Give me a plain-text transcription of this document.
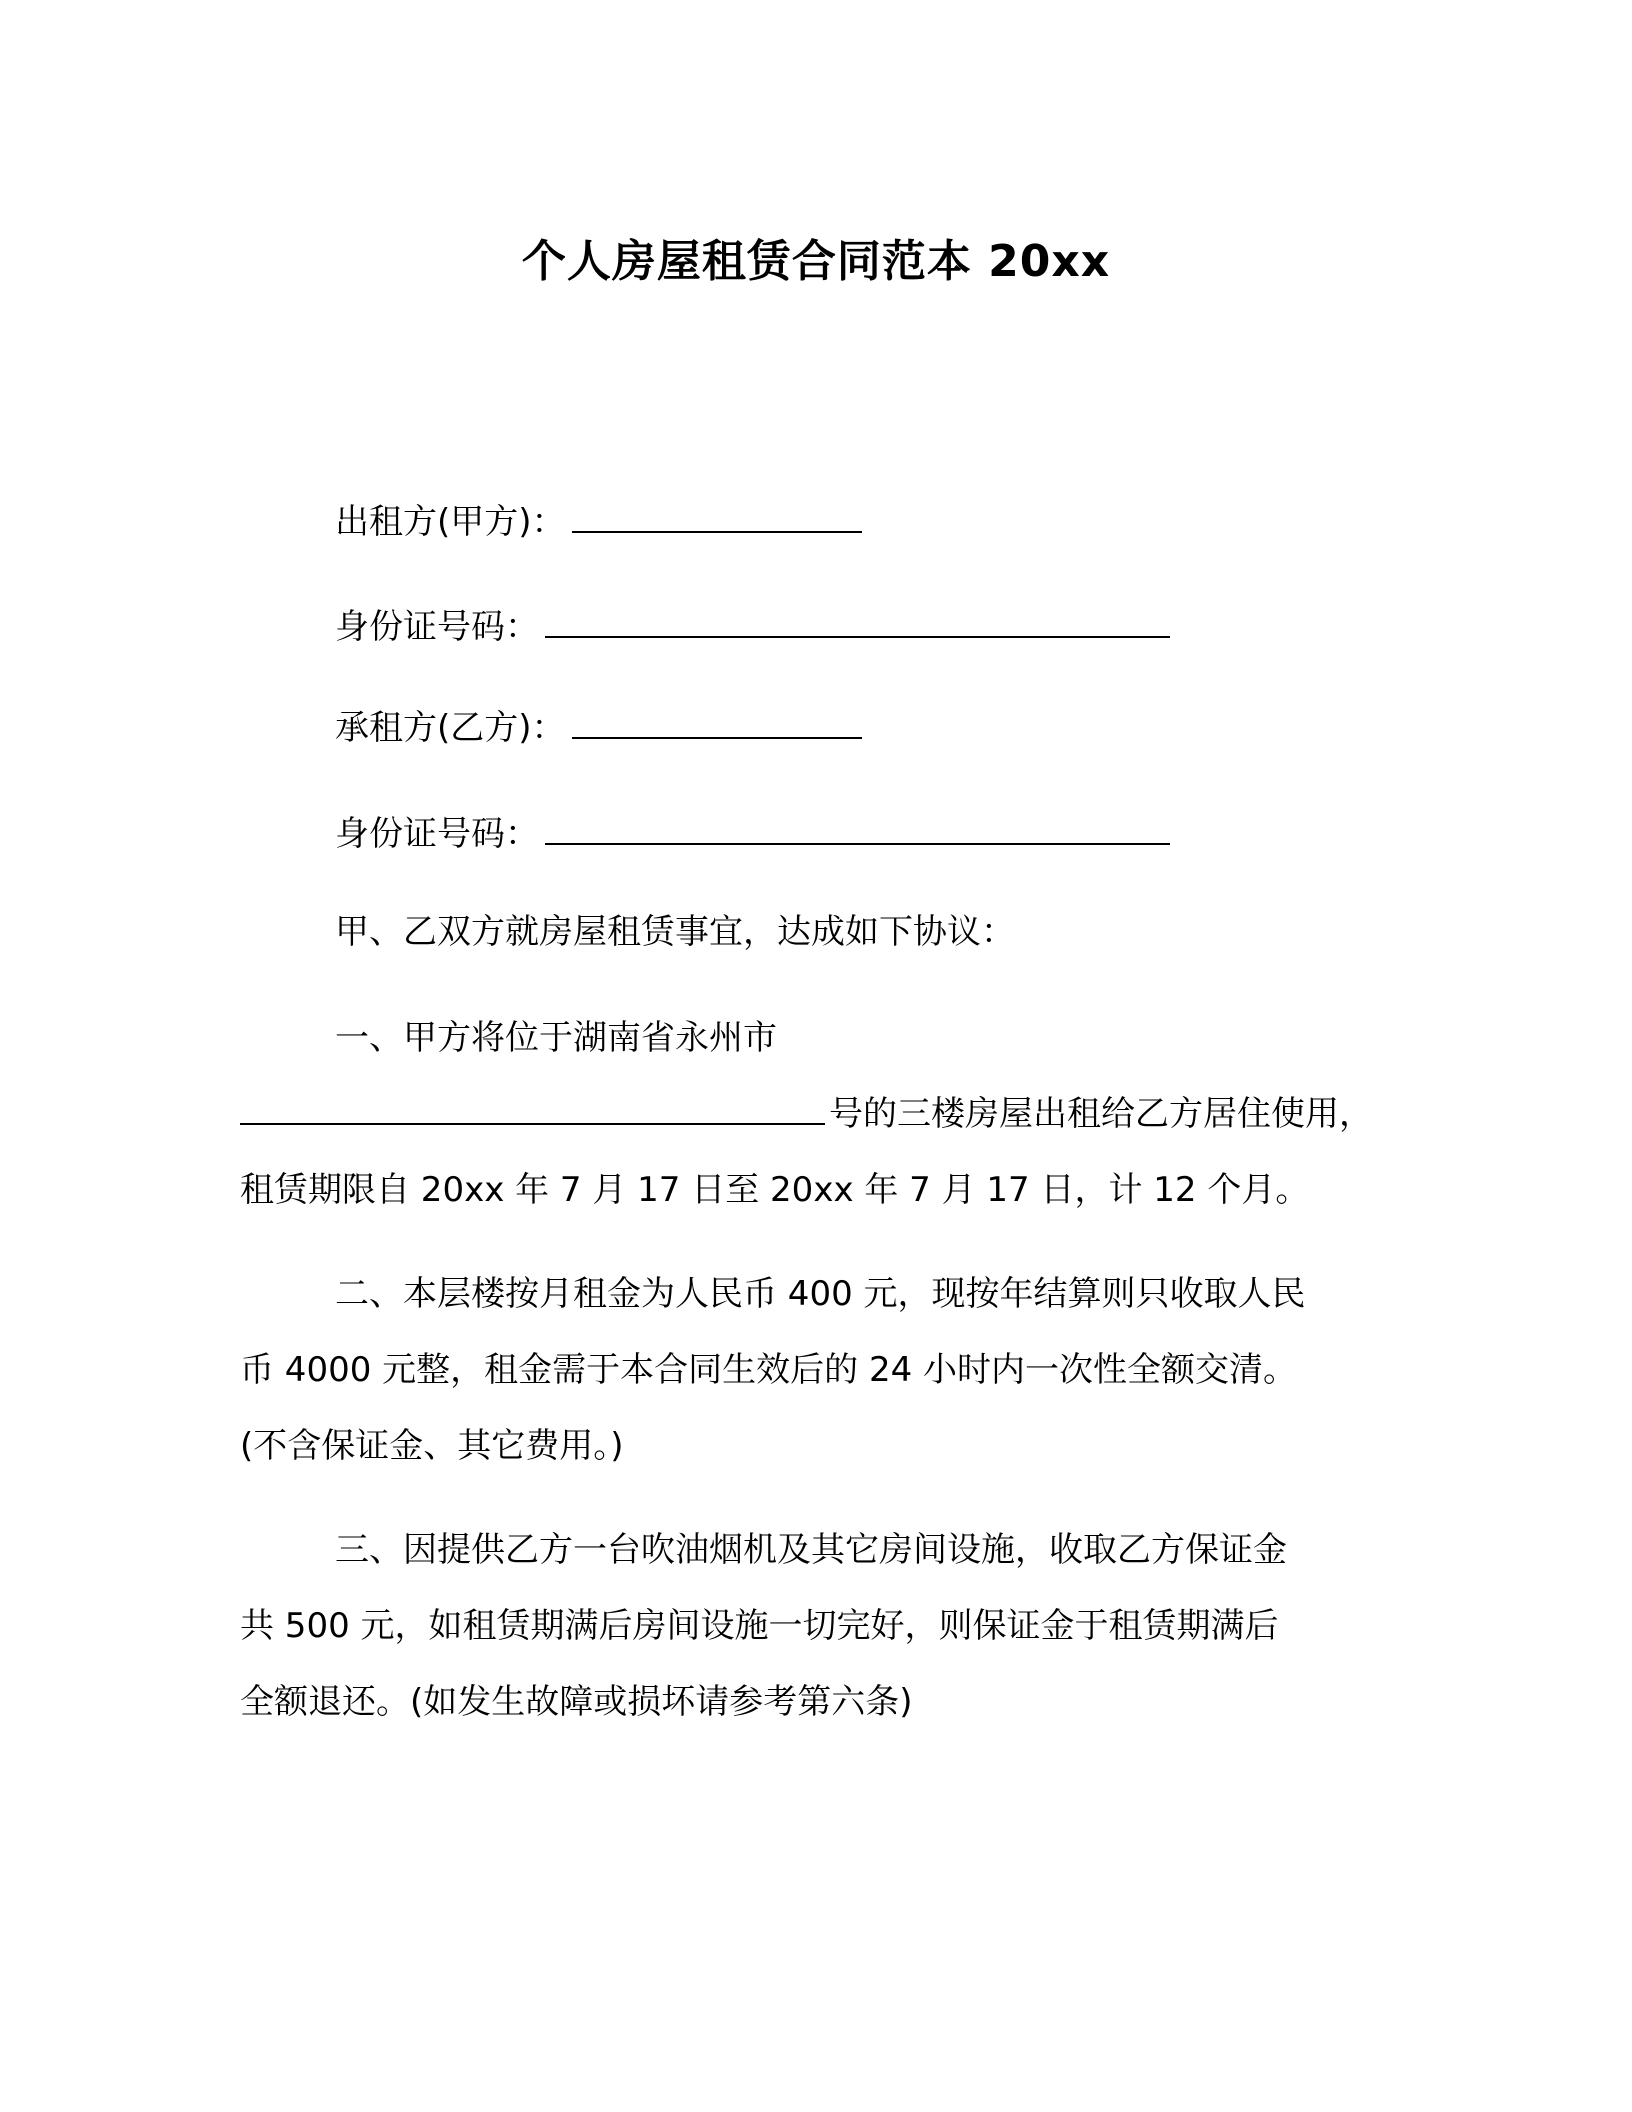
个人房屋租赁合同范本 20xx
出租方(甲方)：
身份证号码：
承租方(乙方)：
身份证号码：
甲、乙双方就房屋租赁事宜，达成如下协议：
一、甲方将位于湖南省永州市
号的三楼房屋出租给乙方居住使用，
租赁期限自 20xx 年 7 月 17 日至 20xx 年 7 月 17 日，计 12 个月。
二、本层楼按月租金为人民币 400 元，现按年结算则只收取人民
币 4000 元整，租金需于本合同生效后的 24 小时内一次性全额交清。
(不含保证金、其它费用。)
三、因提供乙方一台吹油烟机及其它房间设施，收取乙方保证金
共 500 元，如租赁期满后房间设施一切完好，则保证金于租赁期满后
全额退还。(如发生故障或损坏请参考第六条)
